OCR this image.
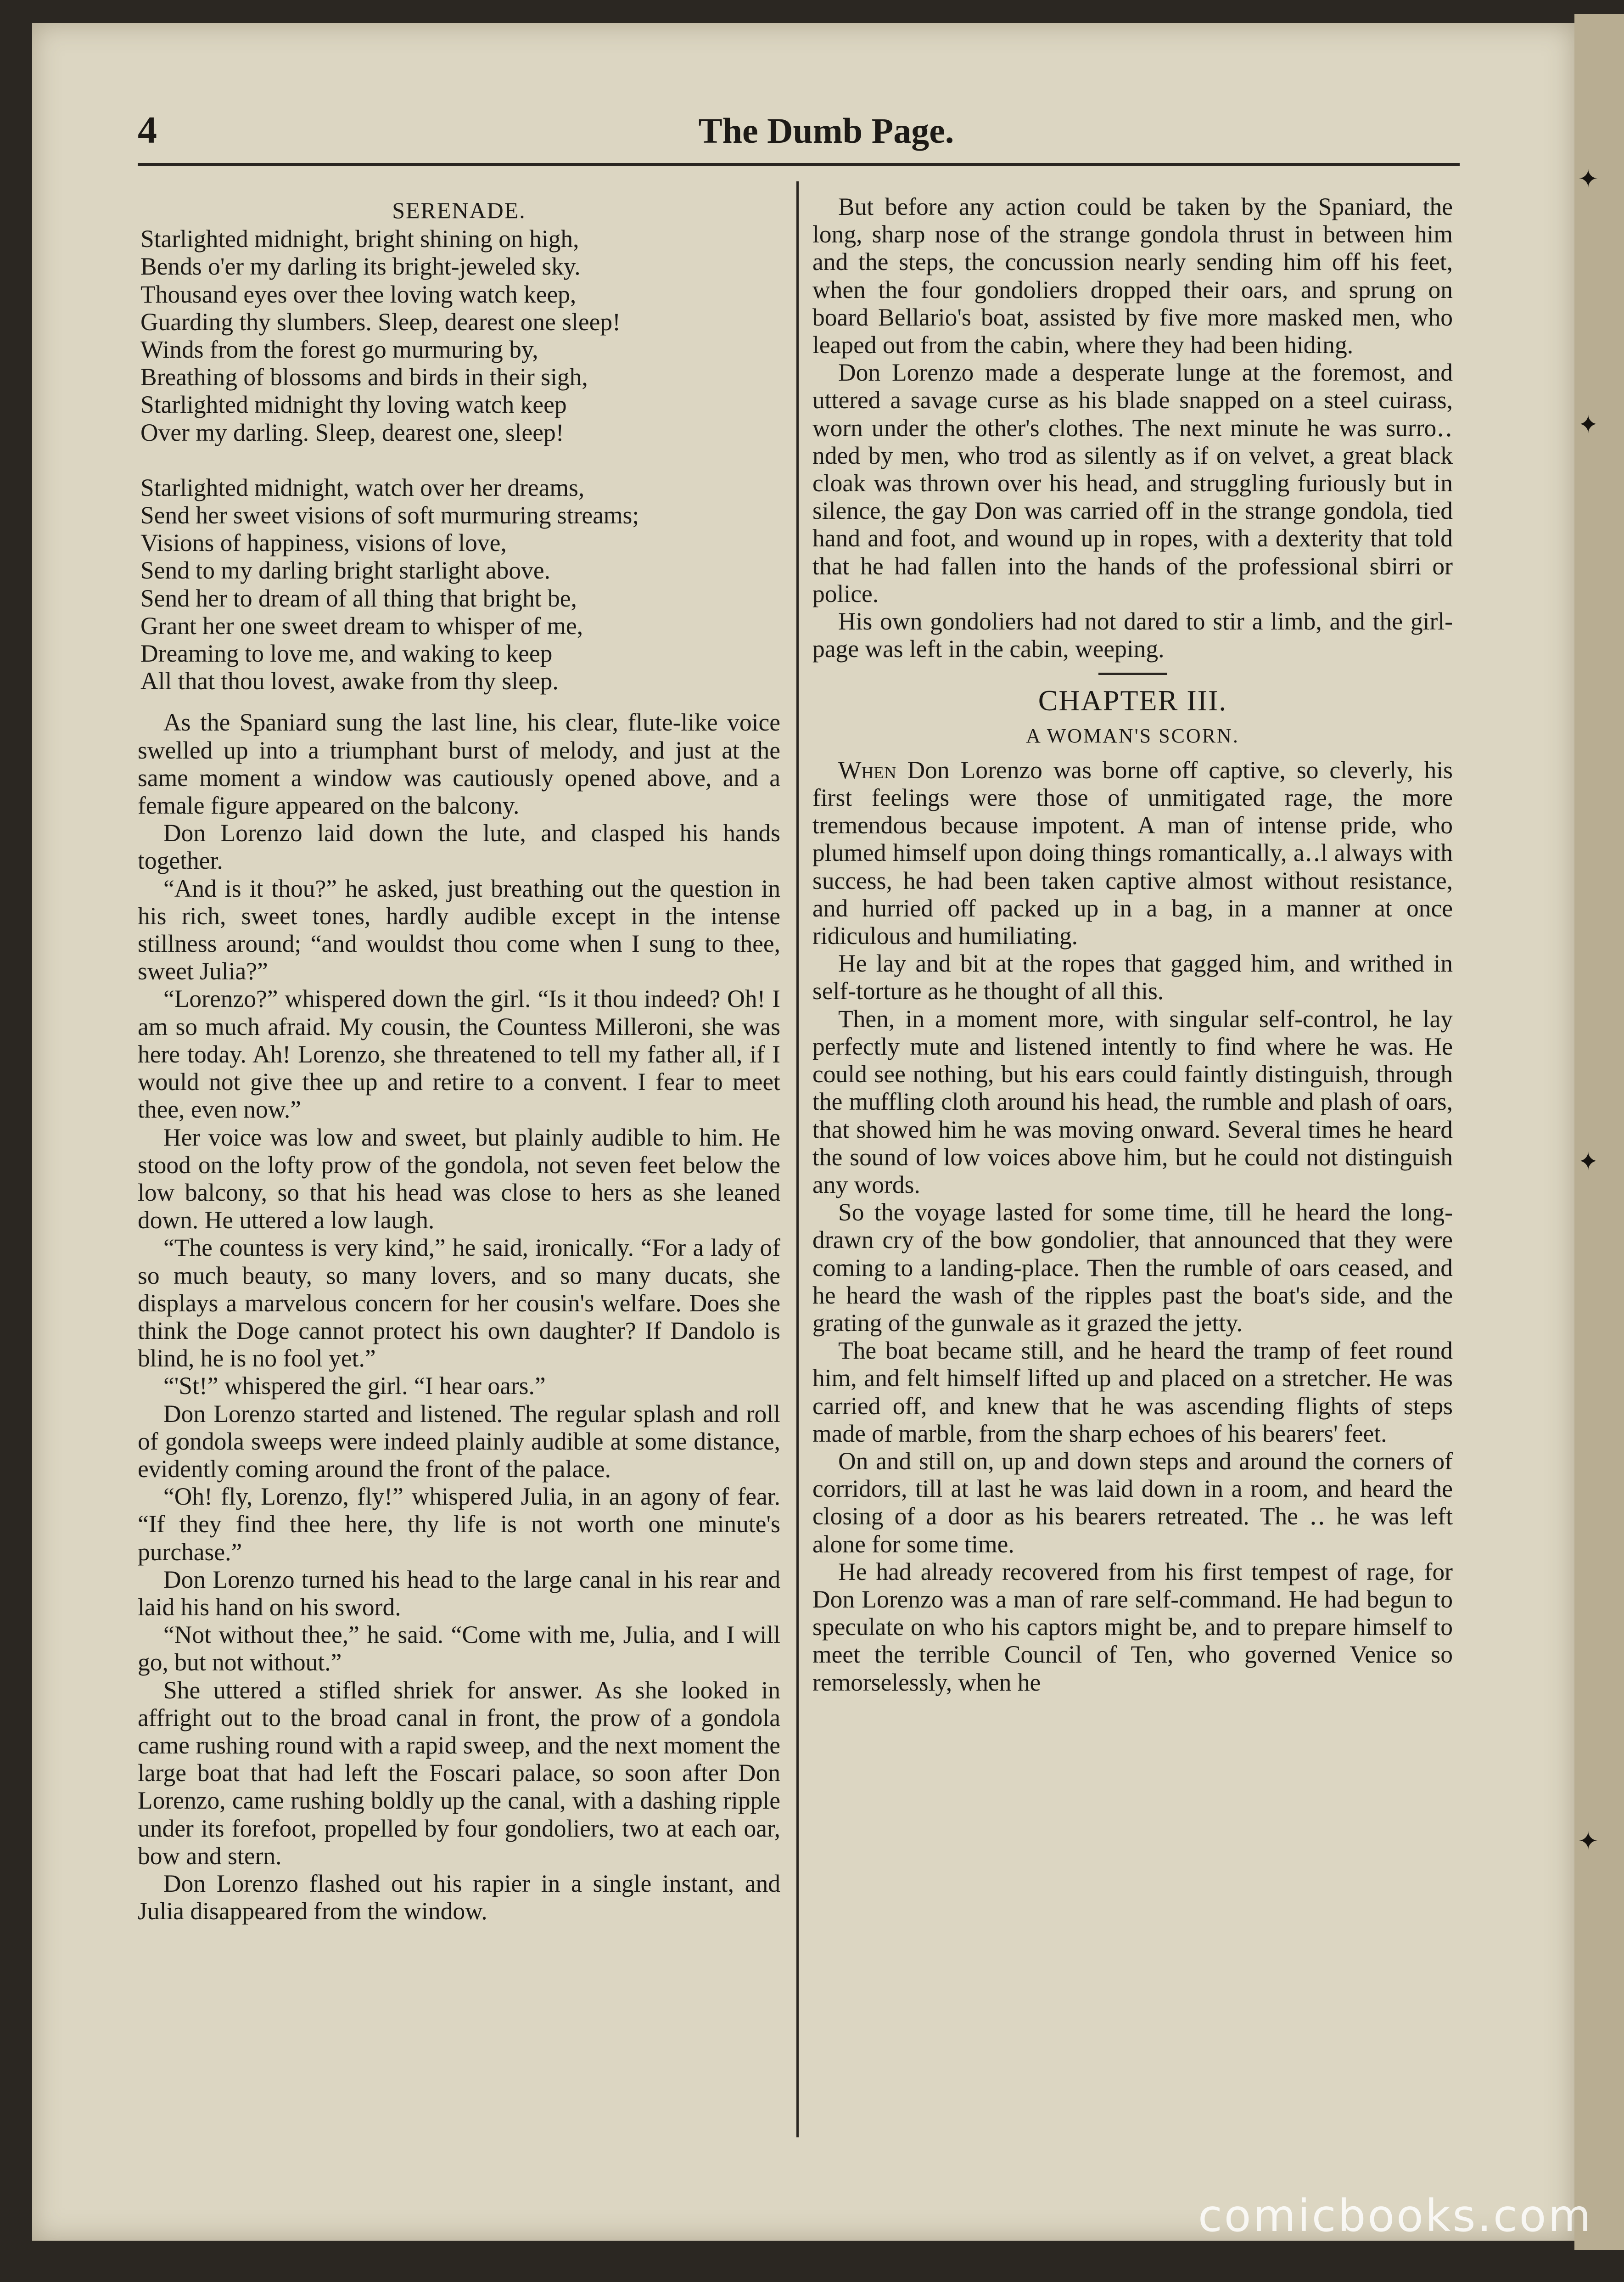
✦
✦
✦
✦
4	The Dumb Page.
SERENADE.
Starlighted midnight, bright shining on high,
Bends o'er my darling its bright-jeweled sky.
Thousand eyes over thee loving watch keep,
Guarding thy slumbers. Sleep, dearest one sleep!
Winds from the forest go murmuring by,
Breathing of blossoms and birds in their sigh,
Starlighted midnight thy loving watch keep
Over my darling. Sleep, dearest one, sleep!
Starlighted midnight, watch over her dreams,
Send her sweet visions of soft murmuring streams;
Visions of happiness, visions of love,
Send to my darling bright starlight above.
Send her to dream of all thing that bright be,
Grant her one sweet dream to whisper of me,
Dreaming to love me, and waking to keep
All that thou lovest, awake from thy sleep.

As the Spaniard sung the last line, his clear, flute-like voice swelled up into a triumphant burst of melody, and just at the same moment a window was cautiously opened above, and a female figure appeared on the balcony.

Don Lorenzo laid down the lute, and clasped his hands together.

“And is it thou?” he asked, just breathing out the question in his rich, sweet tones, hardly audible except in the intense stillness around; “and wouldst thou come when I sung to thee, sweet Julia?”

“Lorenzo?” whispered down the girl. “Is it thou indeed? Oh! I am so much afraid. My cousin, the Countess Milleroni, she was here today. Ah! Lorenzo, she threatened to tell my father all, if I would not give thee up and retire to a convent. I fear to meet thee, even now.”

Her voice was low and sweet, but plainly audible to him. He stood on the lofty prow of the gondola, not seven feet below the low balcony, so that his head was close to hers as she leaned down. He uttered a low laugh.

“The countess is very kind,” he said, ironically. “For a lady of so much beauty, so many lovers, and so many ducats, she displays a marvelous concern for her cousin's welfare. Does she think the Doge cannot protect his own daughter? If Dandolo is blind, he is no fool yet.”

“'St!” whispered the girl. “I hear oars.”

Don Lorenzo started and listened. The regular splash and roll of gondola sweeps were indeed plainly audible at some distance, evidently coming around the front of the palace.

“Oh! fly, Lorenzo, fly!” whispered Julia, in an agony of fear. “If they find thee here, thy life is not worth one minute's purchase.”

Don Lorenzo turned his head to the large canal in his rear and laid his hand on his sword.

“Not without thee,” he said. “Come with me, Julia, and I will go, but not without.”

She uttered a stifled shriek for answer. As she looked in affright out to the broad canal in front, the prow of a gondola came rushing round with a rapid sweep, and the next moment the large boat that had left the Foscari palace, so soon after Don Lorenzo, came rushing boldly up the canal, with a dashing ripple under its forefoot, propelled by four gondoliers, two at each oar, bow and stern.

Don Lorenzo flashed out his rapier in a single instant, and Julia disappeared from the window.

But before any action could be taken by the Spaniard, the long, sharp nose of the strange gondola thrust in between him and the steps, the concussion nearly sending him off his feet, when the four gondoliers dropped their oars, and sprung on board Bellario's boat, assisted by five more masked men, who leaped out from the cabin, where they had been hiding.

Don Lorenzo made a desperate lunge at the foremost, and uttered a savage curse as his blade snapped on a steel cuirass, worn under the other's clothes. The next minute he was surro‥nded by men, who trod as silently as if on velvet, a great black cloak was thrown over his head, and struggling furiously but in silence, the gay Don was carried off in the strange gondola, tied hand and foot, and wound up in ropes, with a dexterity that told that he had fallen into the hands of the professional sbirri or police.

His own gondoliers had not dared to stir a limb, and the girl-page was left in the cabin, weeping.

CHAPTER III.
A WOMAN'S SCORN.

When Don Lorenzo was borne off captive, so cleverly, his first feelings were those of unmitigated rage, the more tremendous because impotent. A man of intense pride, who plumed himself upon doing things romantically, a‥l always with success, he had been taken captive almost without resistance, and hurried off packed up in a bag, in a manner at once ridiculous and humiliating.

He lay and bit at the ropes that gagged him, and writhed in self-torture as he thought of all this.

Then, in a moment more, with singular self-control, he lay perfectly mute and listened intently to find where he was. He could see nothing, but his ears could faintly distinguish, through the muffling cloth around his head, the rumble and plash of oars, that showed him he was moving onward. Several times he heard the sound of low voices above him, but he could not distinguish any words.

So the voyage lasted for some time, till he heard the long-drawn cry of the bow gondolier, that announced that they were coming to a landing-place. Then the rumble of oars ceased, and he heard the wash of the ripples past the boat's side, and the grating of the gunwale as it grazed the jetty.

The boat became still, and he heard the tramp of feet round him, and felt himself lifted up and placed on a stretcher. He was carried off, and knew that he was ascending flights of steps made of marble, from the sharp echoes of his bearers' feet.

On and still on, up and down steps and around the corners of corridors, till at last he was laid down in a room, and heard the closing of a door as his bearers retreated. The ‥ he was left alone for some time.

He had already recovered from his first tempest of rage, for Don Lorenzo was a man of rare self-command. He had begun to speculate on who his captors might be, and to prepare himself to meet the terrible Council of Ten, who governed Venice so remorselessly, when he

comicbooks.com
